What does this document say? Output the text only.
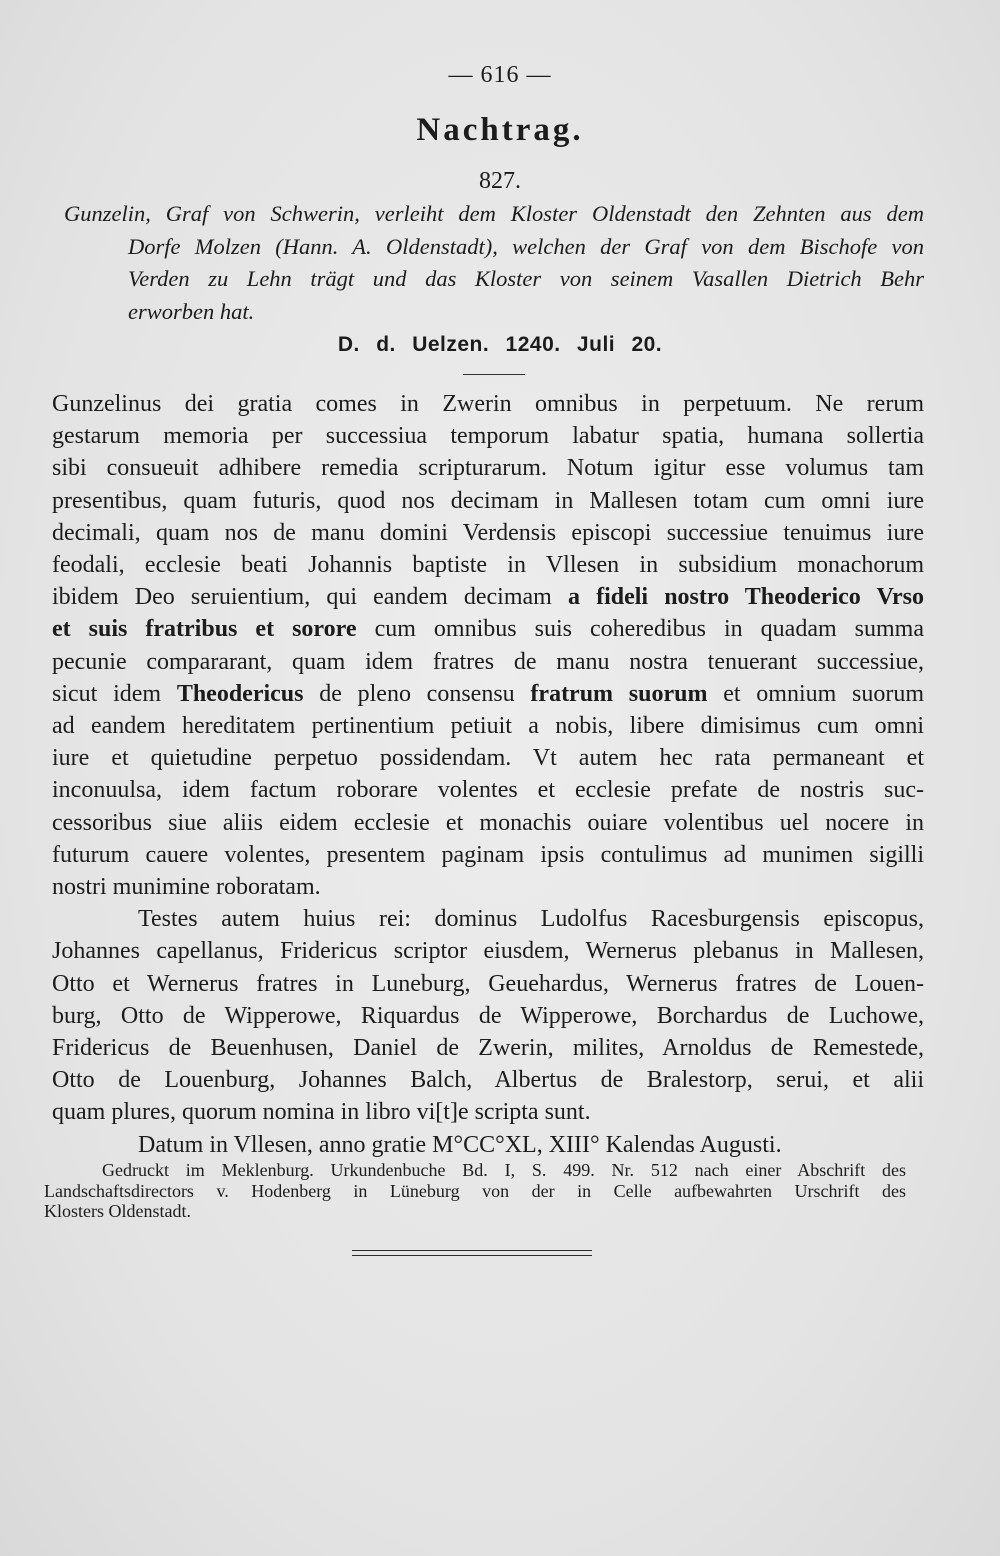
— 616 —
Nachtrag.
827.
Gunzelin, Graf von Schwerin, verleiht dem Kloster Oldenstadt den Zehnten aus dem
Dorfe Molzen (Hann. A. Oldenstadt), welchen der Graf von dem Bischofe von
Verden zu Lehn trägt und das Kloster von seinem Vasallen Dietrich Behr
erworben hat.
D. d. Uelzen. 1240. Juli 20.
Gunzelinus dei gratia comes in Zwerin omnibus in perpetuum. Ne rerum
gestarum memoria per successiua temporum labatur spatia, humana sollertia
sibi consueuit adhibere remedia scripturarum. Notum igitur esse volumus tam
presentibus, quam futuris, quod nos decimam in Mallesen totam cum omni iure
decimali, quam nos de manu domini Verdensis episcopi successiue tenuimus iure
feodali, ecclesie beati Johannis baptiste in Vllesen in subsidium monachorum
ibidem Deo seruientium, qui eandem decimam a fideli nostro Theoderico Vrso
et suis fratribus et sorore cum omnibus suis coheredibus in quadam summa
pecunie compararant, quam idem fratres de manu nostra tenuerant successiue,
sicut idem Theodericus de pleno consensu fratrum suorum et omnium suorum
ad eandem hereditatem pertinentium petiuit a nobis, libere dimisimus cum omni
iure et quietudine perpetuo possidendam. Vt autem hec rata permaneant et
inconuulsa, idem factum roborare volentes et ecclesie prefate de nostris suc-
cessoribus siue aliis eidem ecclesie et monachis ouiare volentibus uel nocere in
futurum cauere volentes, presentem paginam ipsis contulimus ad munimen sigilli
nostri munimine roboratam.
Testes autem huius rei: dominus Ludolfus Racesburgensis episcopus,
Johannes capellanus, Fridericus scriptor eiusdem, Wernerus plebanus in Mallesen,
Otto et Wernerus fratres in Luneburg, Geuehardus, Wernerus fratres de Louen-
burg, Otto de Wipperowe, Riquardus de Wipperowe, Borchardus de Luchowe,
Fridericus de Beuenhusen, Daniel de Zwerin, milites, Arnoldus de Remestede,
Otto de Louenburg, Johannes Balch, Albertus de Bralestorp, serui, et alii
quam plures, quorum nomina in libro vi[t]e scripta sunt.
Datum in Vllesen, anno gratie M°CC°XL, XIII° Kalendas Augusti.
Gedruckt im Meklenburg. Urkundenbuche Bd. I, S. 499. Nr. 512 nach einer Abschrift des
Landschaftsdirectors v. Hodenberg in Lüneburg von der in Celle aufbewahrten Urschrift des
Klosters Oldenstadt.
